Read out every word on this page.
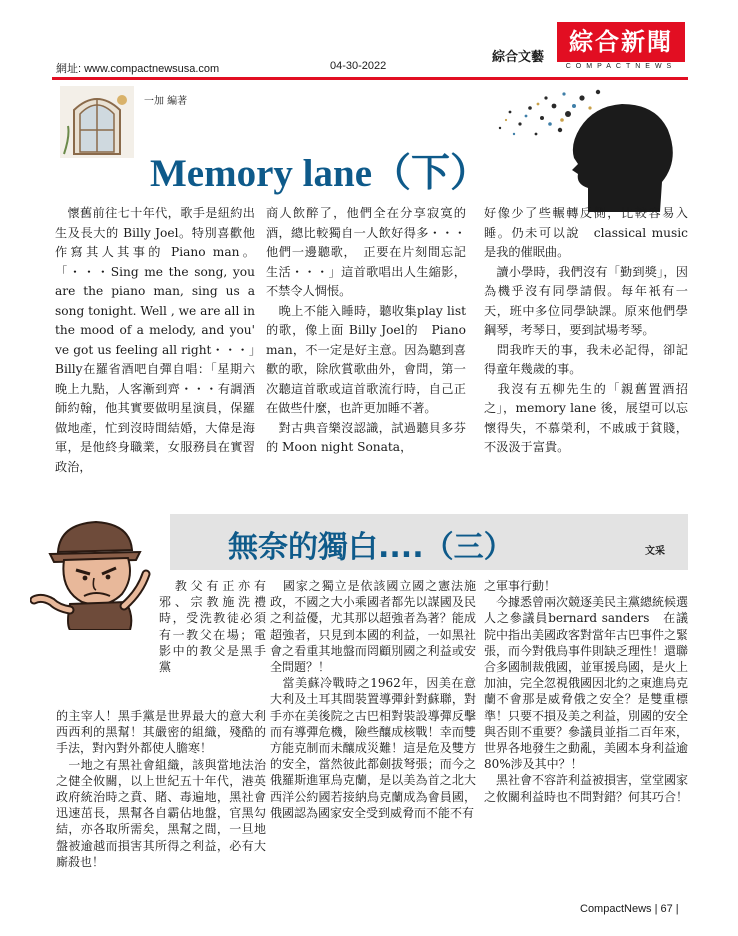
網址: www.compactnewsusa.com	04-30-2022
綜合文藝
綜合新聞
COMPACTNEWS
一加 編著
Memory lane（下）
　懷舊前往七十年代，歌手是紐約出生及長大的 Billy Joel。特別喜歡他作寫其人其事的 Piano man。「・・・Sing me the song, you are the piano man, sing us a song tonight. Well , we are all in the mood of a melody, and you' ve got us feeling all right・・・」Billy在羅省酒吧自彈自唱：「星期六晚上九點，人客漸到齊・・・有調酒師約翰，他其實要做明星演員，保羅做地產，忙到沒時間結婚，大偉是海軍，是他終身職業，女服務員在實習政治，
商人飲醉了，他們全在分享寂寞的酒，總比較獨自一人飲好得多・・・他們一邊聽歌，　正要在片刻間忘記生活・・・」這首歌唱出人生縮影，不禁令人惆悵。
　晚上不能入睡時，聽收集play list 的歌，像上面 Billy Joel的　Piano　man，不一定是好主意。因為聽到喜歡的歌，除欣賞歌曲外，會問，第一次聽這首歌或這首歌流行時，自己正在做些什麼，也許更加睡不著。
　對古典音樂沒認識，試過聽貝多芬的 Moon night Sonata，
好像少了些輾轉反側，比較容易入睡。仍未可以說　classical music 是我的催眠曲。
　讀小學時，我們沒有「勤到獎」，因為機乎沒有同學請假。每年衹有一天，班中多位同學缺課。原來他們學鋼琴，考琴日，要到試場考琴。
　問我昨天的事，我未必記得，卻記得童年幾歲的事。
　我沒有五柳先生的「親舊置酒招之」，memory lane 後，展望可以忘懷得失，不慕榮利，不戚戚于貧賤，不汲汲于富貴。
無奈的獨白....（三）	文采
　教父有正亦有邪、宗教施洗禮時，受洗教徒必須有一教父在場；電影中的教父是黑手黨
的主宰人！黑手黨是世界最大的意大利西西利的黑幫！其嚴密的組織，殘酷的手法，對內對外都使人膽寒！
　一地之有黑社會組織，該與當地法治之健全攸關，以上世紀五十年代，港英政府統治時之賁、賭、毒遍地，黑社會迅速茁長，黑幫各自霸佔地盤，官黑勾結，亦各取所需矣，黑幫之間，一旦地盤被逾越而損害其所得之利益，必有大廝殺也！
　國家之獨立是依該國立國之憲法施政，不國之大小乘國者都先以謀國及民之利益優，尤其那以超強者為著？能成超強者，只見到本國的利益，一如黑社會之看重其地盤而罔顧別國之利益或安全問題？！
　當美蘇冷戰時之1962年，因美在意大利及土耳其間裝置導彈針對蘇聯，對手亦在美後院之古巴相對裝設導彈反擊而有導彈危機，險些釀成核戰！幸而雙方能克制而未釀成災難！這是危及雙方的安全，當然彼此都劍拔弩張；而今之俄羅斯進軍烏克蘭，是以美為首之北大西洋公約國若接納烏克蘭成為會員國，俄國認為國家安全受到威脅而不能不有
之軍事行動！
　今據悉曾兩次競逐美民主黨總統候選人之參議員bernard sanders　在議院中指出美國政客對當年古巴事件之緊張，而今對俄烏事件則缺乏理性！還聯合多國制裁俄國，並軍援烏國，是火上加油，完全忽視俄國因北約之東進烏克蘭不會那是威脅俄之安全？是雙重標準！只要不損及美之利益，別國的安全與否則不重要？參議員並指二百年來，世界各地發生之動亂，美國本身利益逾80%涉及其中？！
　黑社會不容許利益被損害，堂堂國家之攸關利益時也不問對錯？何其巧合！
CompactNews | 67 |
